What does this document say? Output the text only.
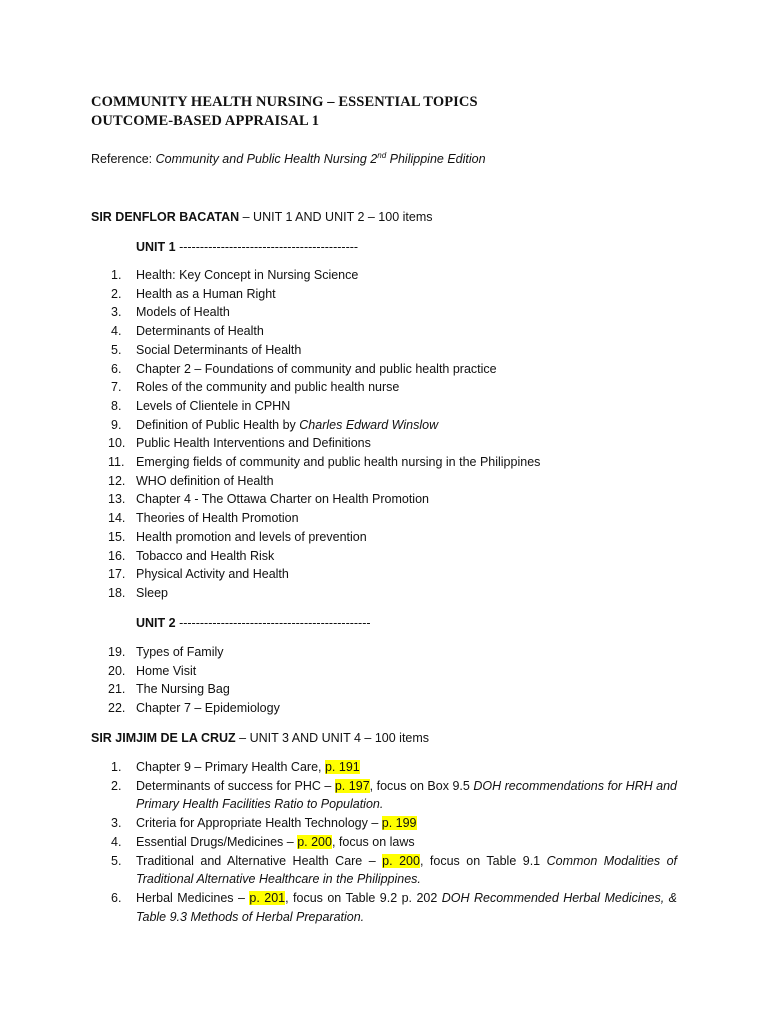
COMMUNITY HEALTH NURSING – ESSENTIAL TOPICS
OUTCOME-BASED APPRAISAL 1
Reference: Community and Public Health Nursing 2nd Philippine Edition
SIR DENFLOR BACATAN – UNIT 1 AND UNIT 2 – 100 items
UNIT 1 -------------------------------------------
1.	Health: Key Concept in Nursing Science
2.	Health as a Human Right
3.	Models of Health
4.	Determinants of Health
5.	Social Determinants of Health
6.	Chapter 2 – Foundations of community and public health practice
7.	Roles of the community and public health nurse
8.	Levels of Clientele in CPHN
9.	Definition of Public Health by Charles Edward Winslow
10. Public Health Interventions and Definitions
11. Emerging fields of community and public health nursing in the Philippines
12. WHO definition of Health
13. Chapter 4 - The Ottawa Charter on Health Promotion
14. Theories of Health Promotion
15. Health promotion and levels of prevention
16. Tobacco and Health Risk
17. Physical Activity and Health
18. Sleep
UNIT 2 ----------------------------------------------
19. Types of Family
20. Home Visit
21. The Nursing Bag
22. Chapter 7 – Epidemiology
SIR JIMJIM DE LA CRUZ – UNIT 3 AND UNIT 4 – 100 items
1.	Chapter 9 – Primary Health Care, p. 191
2.	Determinants of success for PHC – p. 197, focus on Box 9.5 DOH recommendations for HRH and Primary Health Facilities Ratio to Population.
3.	Criteria for Appropriate Health Technology – p. 199
4.	Essential Drugs/Medicines – p. 200, focus on laws
5.	Traditional and Alternative Health Care – p. 200, focus on Table 9.1 Common Modalities of Traditional Alternative Healthcare in the Philippines.
6.	Herbal Medicines – p. 201, focus on Table 9.2 p. 202 DOH Recommended Herbal Medicines, & Table 9.3 Methods of Herbal Preparation.
